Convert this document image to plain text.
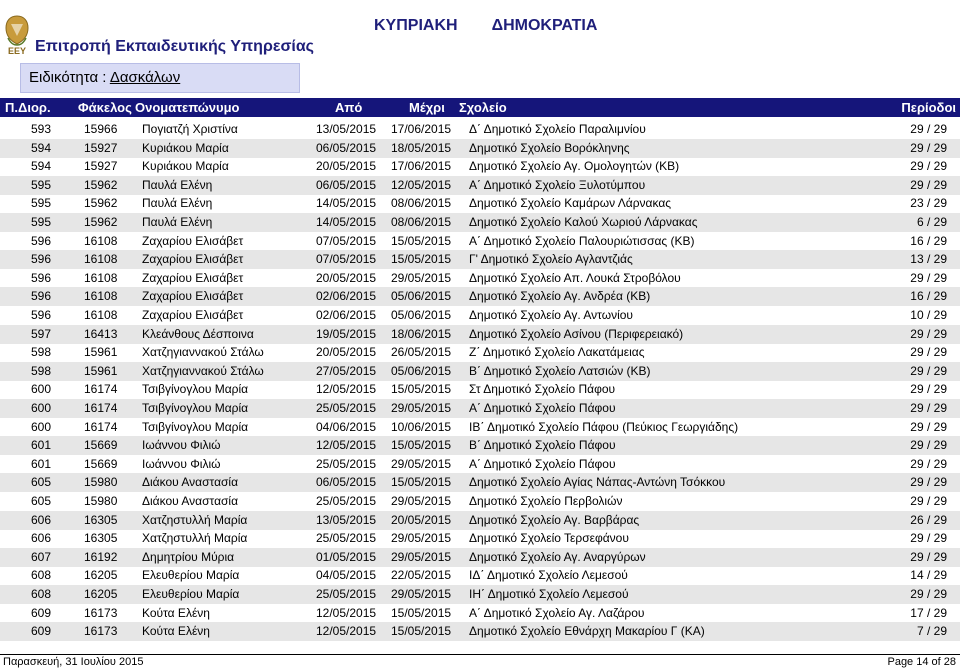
ΕΕΥ Επιτροπή Εκπαιδευτικής Υπηρεσίας
ΚΥΠΡΙΑΚΗ ΔΗΜΟΚΡΑΤΙΑ
Ειδικότητα : Δασκάλων
Π.Διορ. Φάκελος Ονοματεπώνυμο	Από	Μέχρι Σχολείο	Περίοδοι
593	15966 Πογιατζή Χριστίνα	13/05/2015 17/06/2015 Δ΄ Δημοτικό Σχολείο Παραλιμνίου	29 / 29
594	15927 Κυριάκου Μαρία	06/05/2015 18/05/2015 Δημοτικό Σχολείο Βορόκληνης	29 / 29
594	15927 Κυριάκου Μαρία	20/05/2015 17/06/2015 Δημοτικό Σχολείο Αγ. Ομολογητών (ΚΒ)	29 / 29
595	15962 Παυλά Ελένη	06/05/2015 12/05/2015 Α΄ Δημοτικό Σχολείο Ξυλοτύμπου	29 / 29
595	15962 Παυλά Ελένη	14/05/2015 08/06/2015 Δημοτικό Σχολείο Καμάρων Λάρνακας	23 / 29
595	15962 Παυλά Ελένη	14/05/2015 08/06/2015 Δημοτικό Σχολείο Καλού Χωριού Λάρνακας	6 / 29
596	16108 Ζαχαρίου Ελισάβετ	07/05/2015 15/05/2015 Α΄ Δημοτικό Σχολείο Παλουριώτισσας (ΚΒ)	16 / 29
596	16108 Ζαχαρίου Ελισάβετ	07/05/2015 15/05/2015 Γ' Δημοτικό Σχολείο Αγλαντζιάς	13 / 29
596	16108 Ζαχαρίου Ελισάβετ	20/05/2015 29/05/2015 Δημοτικό Σχολείο Απ. Λουκά Στροβόλου	29 / 29
596	16108 Ζαχαρίου Ελισάβετ	02/06/2015 05/06/2015 Δημοτικό Σχολείο Αγ. Ανδρέα (ΚΒ)	16 / 29
596	16108 Ζαχαρίου Ελισάβετ	02/06/2015 05/06/2015 Δημοτικό Σχολείο Αγ. Αντωνίου	10 / 29
597	16413 Κλεάνθους Δέσποινα	19/05/2015 18/06/2015 Δημοτικό Σχολείο Ασίνου (Περιφερειακό)	29 / 29
598	15961 Χατζηγιαννακού Στάλω	20/05/2015 26/05/2015 Ζ΄ Δημοτικό Σχολείο Λακατάμειας	29 / 29
598	15961 Χατζηγιαννακού Στάλω	27/05/2015 05/06/2015 Β΄ Δημοτικό Σχολείο Λατσιών (ΚΒ)	29 / 29
600	16174 Τσιβγίνογλου Μαρία	12/05/2015 15/05/2015 Στ Δημοτικό Σχολείο Πάφου	29 / 29
600	16174 Τσιβγίνογλου Μαρία	25/05/2015 29/05/2015 Α΄ Δημοτικό Σχολείο Πάφου	29 / 29
600	16174 Τσιβγίνογλου Μαρία	04/06/2015 10/06/2015 ΙΒ΄ Δημοτικό Σχολείο Πάφου (Πεύκιος Γεωργιάδης)	29 / 29
601	15669 Ιωάννου Φιλιώ	12/05/2015 15/05/2015 Β΄ Δημοτικό Σχολείο Πάφου	29 / 29
601	15669 Ιωάννου Φιλιώ	25/05/2015 29/05/2015 Α΄ Δημοτικό Σχολείο Πάφου	29 / 29
605	15980 Διάκου Αναστασία	06/05/2015 15/05/2015 Δημοτικό Σχολείο Αγίας Νάπας-Αντώνη Τσόκκου	29 / 29
605	15980 Διάκου Αναστασία	25/05/2015 29/05/2015 Δημοτικό Σχολείο Περβολιών	29 / 29
606	16305 Χατζηστυλλή Μαρία	13/05/2015 20/05/2015 Δημοτικό Σχολείο Αγ. Βαρβάρας	26 / 29
606	16305 Χατζηστυλλή Μαρία	25/05/2015 29/05/2015 Δημοτικό Σχολείο Τερσεφάνου	29 / 29
607	16192 Δημητρίου Μύρια	01/05/2015 29/05/2015 Δημοτικό Σχολείο Αγ. Αναργύρων	29 / 29
608	16205 Ελευθερίου Μαρία	04/05/2015 22/05/2015 ΙΔ΄ Δημοτικό Σχολείο Λεμεσού	14 / 29
608	16205 Ελευθερίου Μαρία	25/05/2015 29/05/2015 ΙΗ΄ Δημοτικό Σχολείο Λεμεσού	29 / 29
609	16173 Κούτα Ελένη	12/05/2015 15/05/2015 Α΄ Δημοτικό Σχολείο Αγ. Λαζάρου	17 / 29
609	16173 Κούτα Ελένη	12/05/2015 15/05/2015 Δημοτικό Σχολείο Εθνάρχη Μακαρίου Γ (ΚΑ)	7 / 29
Παρασκευή, 31 Ιουλίου 2015	Page 14 of 28
